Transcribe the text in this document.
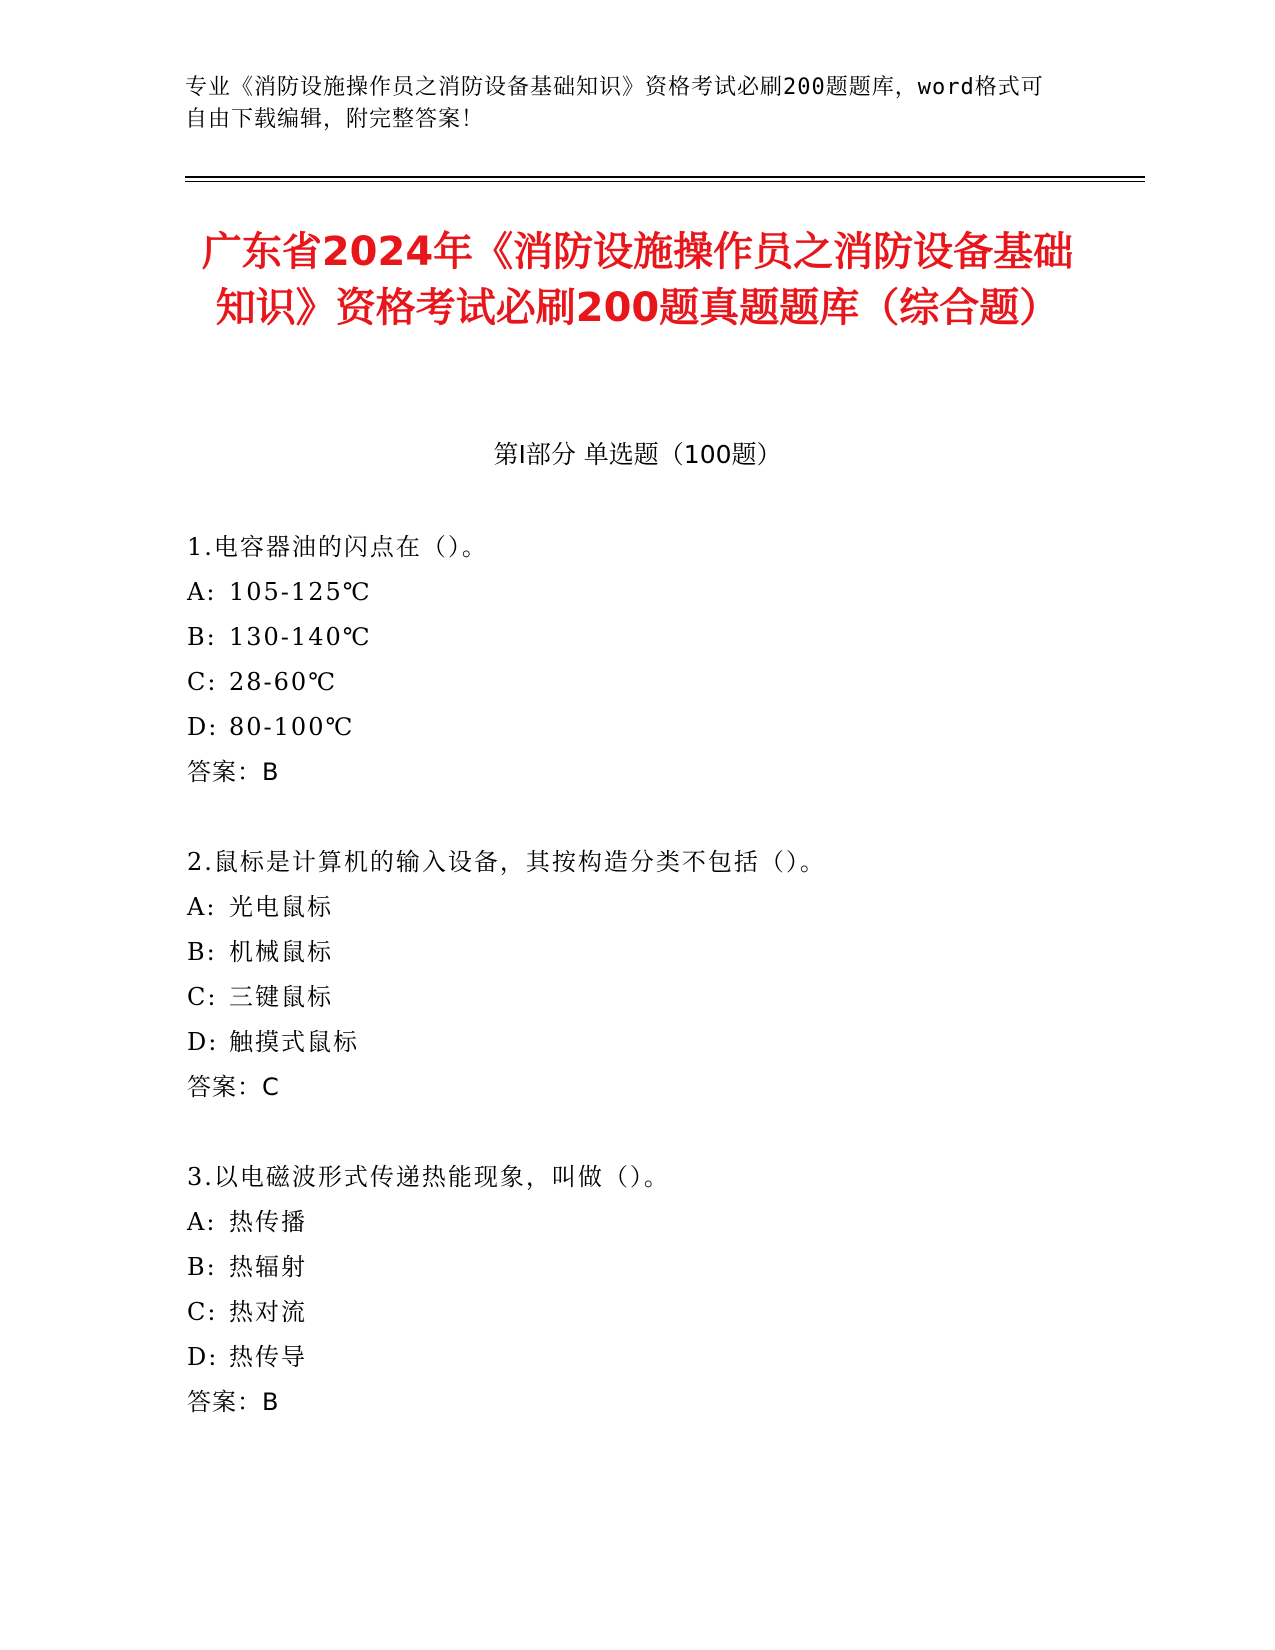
专业《消防设施操作员之消防设备基础知识》资格考试必刷200题题库，word格式可自由下载编辑，附完整答案！
广东省2024年《消防设施操作员之消防设备基础知识》资格考试必刷200题真题题库（综合题）
第Ⅰ部分 单选题（100题）
1.电容器油的闪点在（）。
A: 105-125℃
B: 130-140℃
C: 28-60℃
D: 80-100℃
答案：B
2.鼠标是计算机的输入设备，其按构造分类不包括（）。
A: 光电鼠标
B: 机械鼠标
C: 三键鼠标
D: 触摸式鼠标
答案：C
3.以电磁波形式传递热能现象，叫做（）。
A: 热传播
B: 热辐射
C: 热对流
D: 热传导
答案：B
